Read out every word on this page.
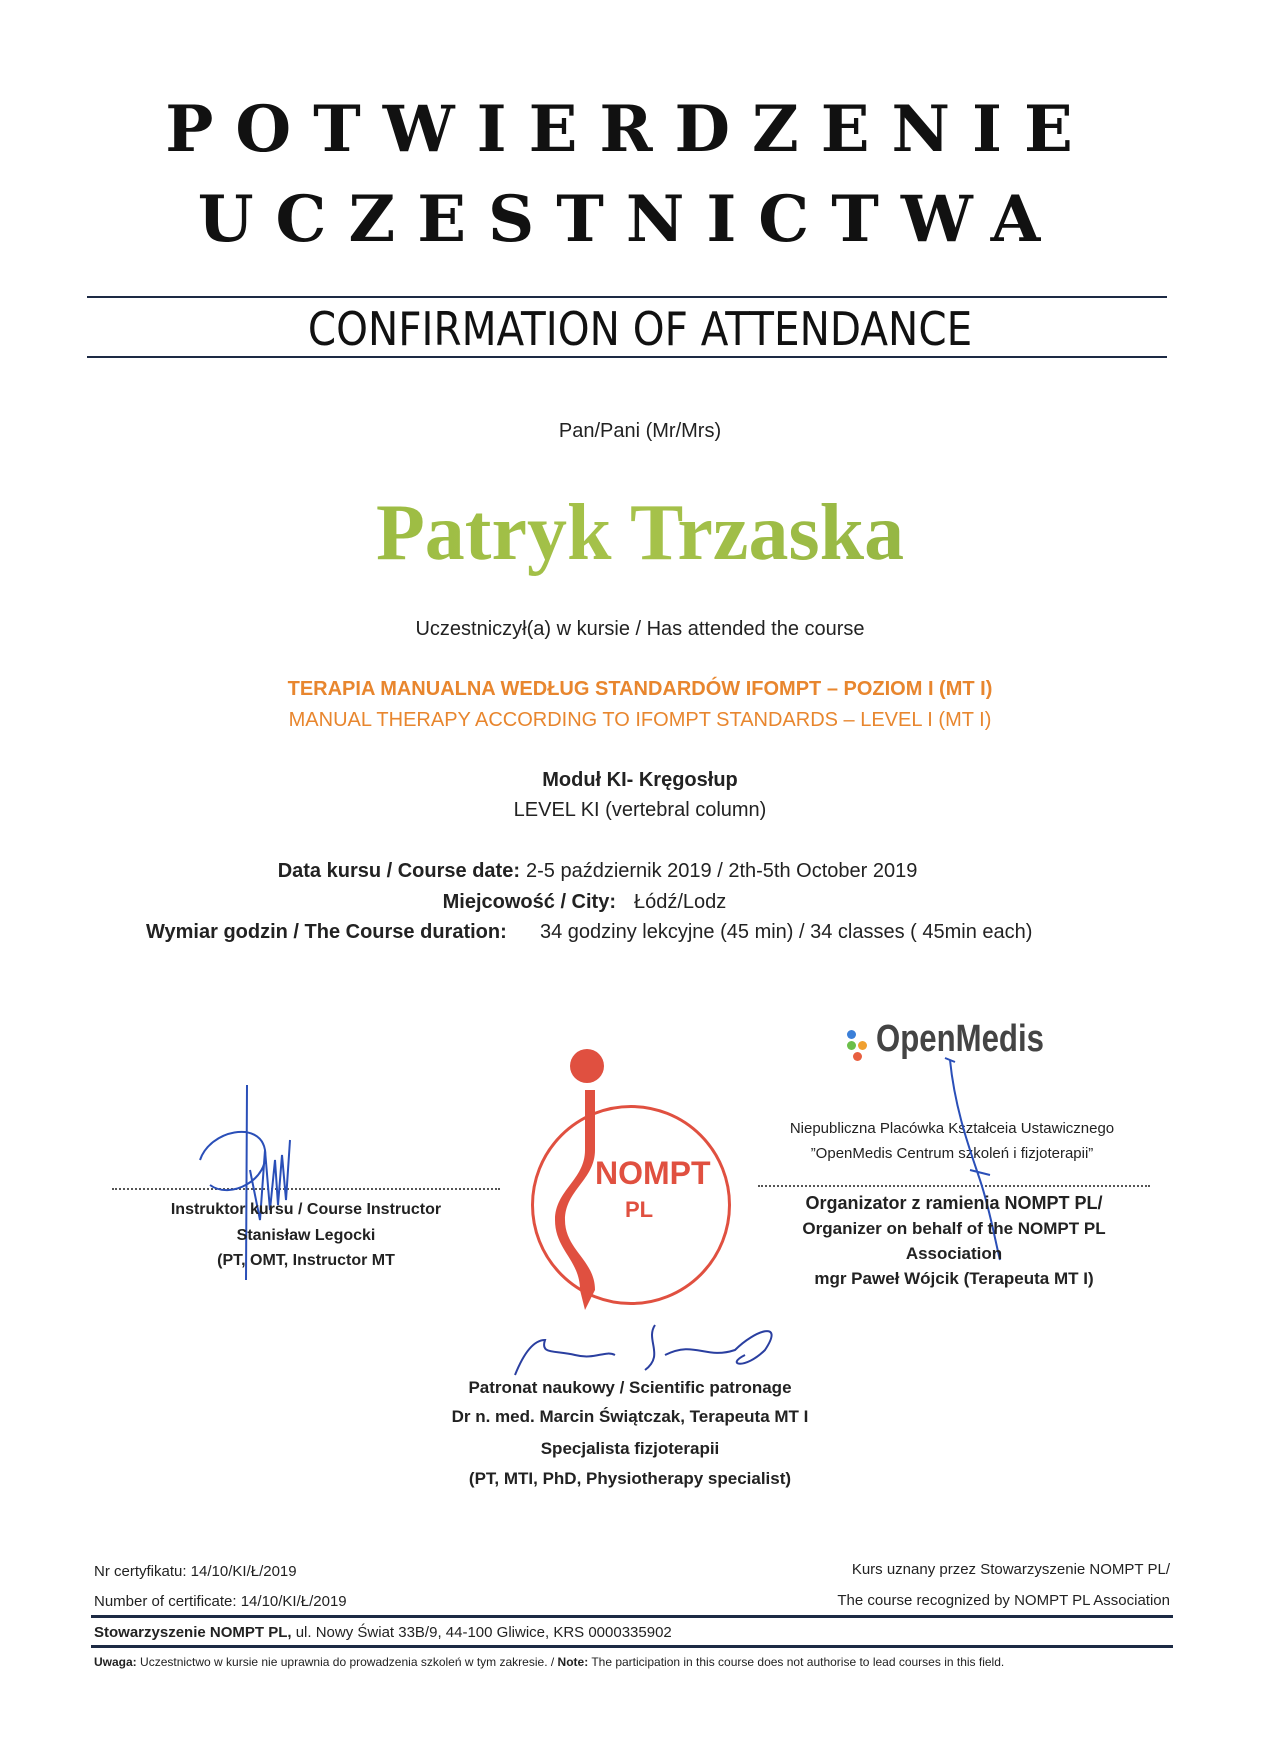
POTWIERDZENIE
UCZESTNICTWA
CONFIRMATION OF ATTENDANCE
Pan/Pani (Mr/Mrs)
Patryk Trzaska
Uczestniczył(a) w kursie / Has attended the course
TERAPIA MANUALNA WEDŁUG STANDARDÓW IFOMPT – POZIOM I (MT I)
MANUAL THERAPY ACCORDING TO IFOMPT STANDARDS – LEVEL I (MT I)
Moduł KI- Kręgosłup
LEVEL KI (vertebral column)
Data kursu / Course date: 2-5 październik 2019 / 2th-5th October 2019
Miejcowość / City: Łódź/Lodz
Wymiar godzin / The Course duration: 34 godziny lekcyjne (45 min) / 34 classes ( 45min each)
Instruktor kursu / Course Instructor
Stanisław Legocki
(PT, OMT, Instructor MT
NOMPT
PL
OpenMedis
Niepubliczna Placówka Kształceia Ustawicznego
”OpenMedis Centrum szkoleń i fizjoterapii”
Organizator z ramienia NOMPT PL/
Organizer on behalf of the NOMPT PL
Association
mgr Paweł Wójcik (Terapeuta MT I)
Patronat naukowy / Scientific patronage
Dr n. med. Marcin Świątczak, Terapeuta MT I
Specjalista fizjoterapii
(PT, MTI, PhD, Physiotherapy specialist)
Nr certyfikatu: 14/10/KI/Ł/2019
Number of certificate: 14/10/KI/Ł/2019
Kurs uznany przez Stowarzyszenie NOMPT PL/
The course recognized by NOMPT PL Association
Stowarzyszenie NOMPT PL, ul. Nowy Świat 33B/9, 44-100 Gliwice, KRS 0000335902
Uwaga: Uczestnictwo w kursie nie uprawnia do prowadzenia szkoleń w tym zakresie. / Note: The participation in this course does not authorise to lead courses in this field.
